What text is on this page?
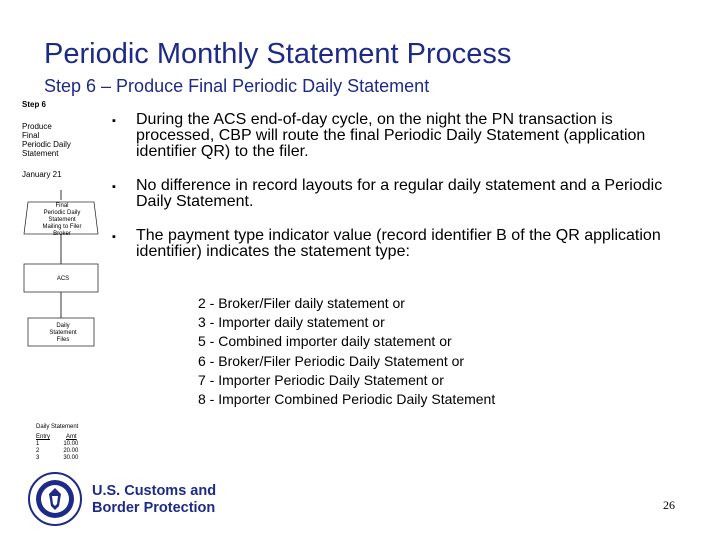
Periodic Monthly Statement Process
Step 6 – Produce Final Periodic Daily Statement
Step 6
Produce
Final
Periodic Daily
Statement
January 21
Final
Periodic Daily
Statement
Mailing to Filer
Broker
ACS
Daily
Statement
Files
Daily Statement
Entry	Amt
1	10.00
2	20.00
3	30.00
▪ During the ACS end-of-day cycle, on the night the PN transaction is processed, CBP will route the final Periodic Daily Statement (application identifier QR) to the filer.
▪ No difference in record layouts for a regular daily statement and a Periodic Daily Statement.
▪ The payment type indicator value (record identifier B of the QR application identifier) indicates the statement type:
2 - Broker/Filer daily statement or
3 - Importer daily statement or
5 - Combined importer daily statement or
6 - Broker/Filer Periodic Daily Statement or
7 - Importer Periodic Daily Statement or
8 - Importer Combined Periodic Daily Statement
U.S. Customs and
Border Protection	26
